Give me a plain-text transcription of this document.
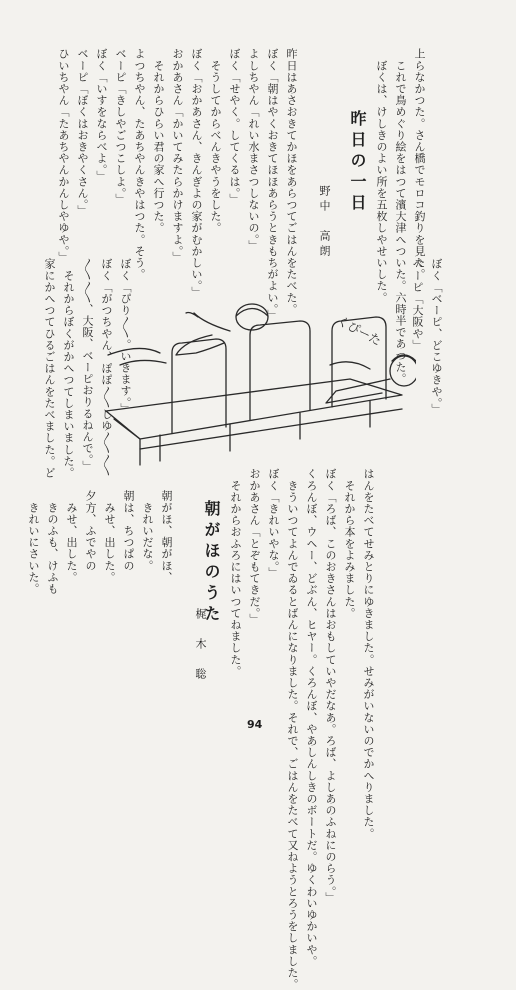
上らなかつた。さん橋でモロコ釣りを見た。
　これで鳥めぐり絵をはつて濱大津へついた。六時半であつた。
　ぼくは、けしきのよい所を五枚しやせいした。
昨日の一日
野中　高朗
昨日はあさおきてかほをあらつてごはんをたべた。
ぼく「朝はやくおきてほほあらうときもちがよい。」
よしちやん「れい水まさつしないの。」
ぼく「せやく。してくるは。」
　そうしてからべんきやうをした。
ぼく「おかあさん、きんぎよの家がむかしい。」
おかあさん「かいてみたらかけますよ。」
　それからひらい君の家へ行つた。
よつちやん、たあちやんきやはつた。そう。
ベーピ「きしやごつこしよ。」
ぼく「いすをならべよ。」
ベーピ「ぼくはおきやくさん。」
ひいちやん「たあちやんかんしやゆや。」
ぼく「ベーピ、どこゆきや。」
ベーピ「大阪や」
ぼく「ぴり〳〵。いきます。」
ぼく「がつちやん、ぽぽ〳〵しゆ〳〵〳〵
〳〵〳〵、大阪、ベーピおりるねんで。」
　それからぼくがかへつてしまいました。
家にかへつてひるごはんをたべました。ど	くぴーた
はんをたべてせみとりにゆきました。せみがいないのでかへりました。
　それから本をよみました。
ぼく「ろば、このおきさんはおもしていやだなあ。ろば、よしあのふねにのらう。」
くろんぼ、ウヘー、どぶん、ヒヤー。くろんぼ、やあしんしきのボートだ。ゆくわいゆかいや。
　きういつてよんでゐるとばんになりました。それで、ごはんをたべて又ねようとろうをしました。
ぼく「きれいやな。」
おかあさん「とぞもてきだ。」
　それからおふろにはいつてねました。
朝がほのうた
梶　木　聡
朝がほ、朝がほ、
　きれいだな。
朝は、ちつぱの
　みせ、出した。
夕方、ふでやの
　みせ、出した。
　きのふも、けふも
　きれいにさいた。
94
